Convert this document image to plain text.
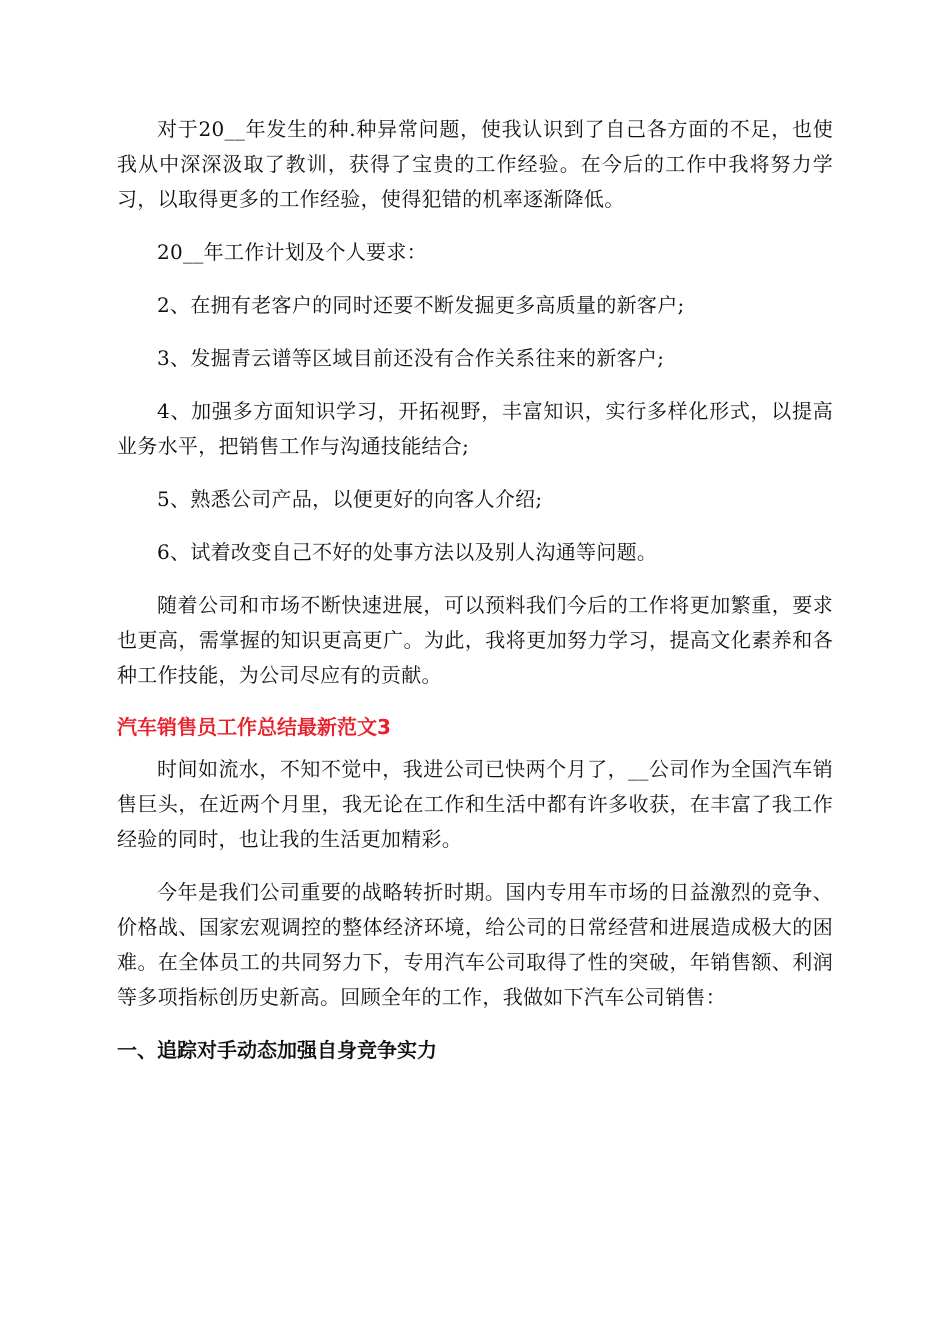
对于20__年发生的种.种异常问题，使我认识到了自己各方面的不足，也使我从中深深汲取了教训，获得了宝贵的工作经验。在今后的工作中我将努力学习，以取得更多的工作经验，使得犯错的机率逐渐降低。

20__年工作计划及个人要求：

2、在拥有老客户的同时还要不断发掘更多高质量的新客户;

3、发掘青云谱等区域目前还没有合作关系往来的新客户;

4、加强多方面知识学习，开拓视野，丰富知识，实行多样化形式，以提高业务水平，把销售工作与沟通技能结合;

5、熟悉公司产品，以便更好的向客人介绍;

6、试着改变自己不好的处事方法以及别人沟通等问题。

随着公司和市场不断快速进展，可以预料我们今后的工作将更加繁重，要求也更高，需掌握的知识更高更广。为此，我将更加努力学习，提高文化素养和各种工作技能，为公司尽应有的贡献。

汽车销售员工作总结最新范文3

时间如流水，不知不觉中，我进公司已快两个月了，__公司作为全国汽车销售巨头，在近两个月里，我无论在工作和生活中都有许多收获，在丰富了我工作经验的同时，也让我的生活更加精彩。

今年是我们公司重要的战略转折时期。国内专用车市场的日益激烈的竞争、价格战、国家宏观调控的整体经济环境，给公司的日常经营和进展造成极大的困难。在全体员工的共同努力下，专用汽车公司取得了性的突破，年销售额、利润等多项指标创历史新高。回顾全年的工作，我做如下汽车公司销售：

一、追踪对手动态加强自身竞争实力
